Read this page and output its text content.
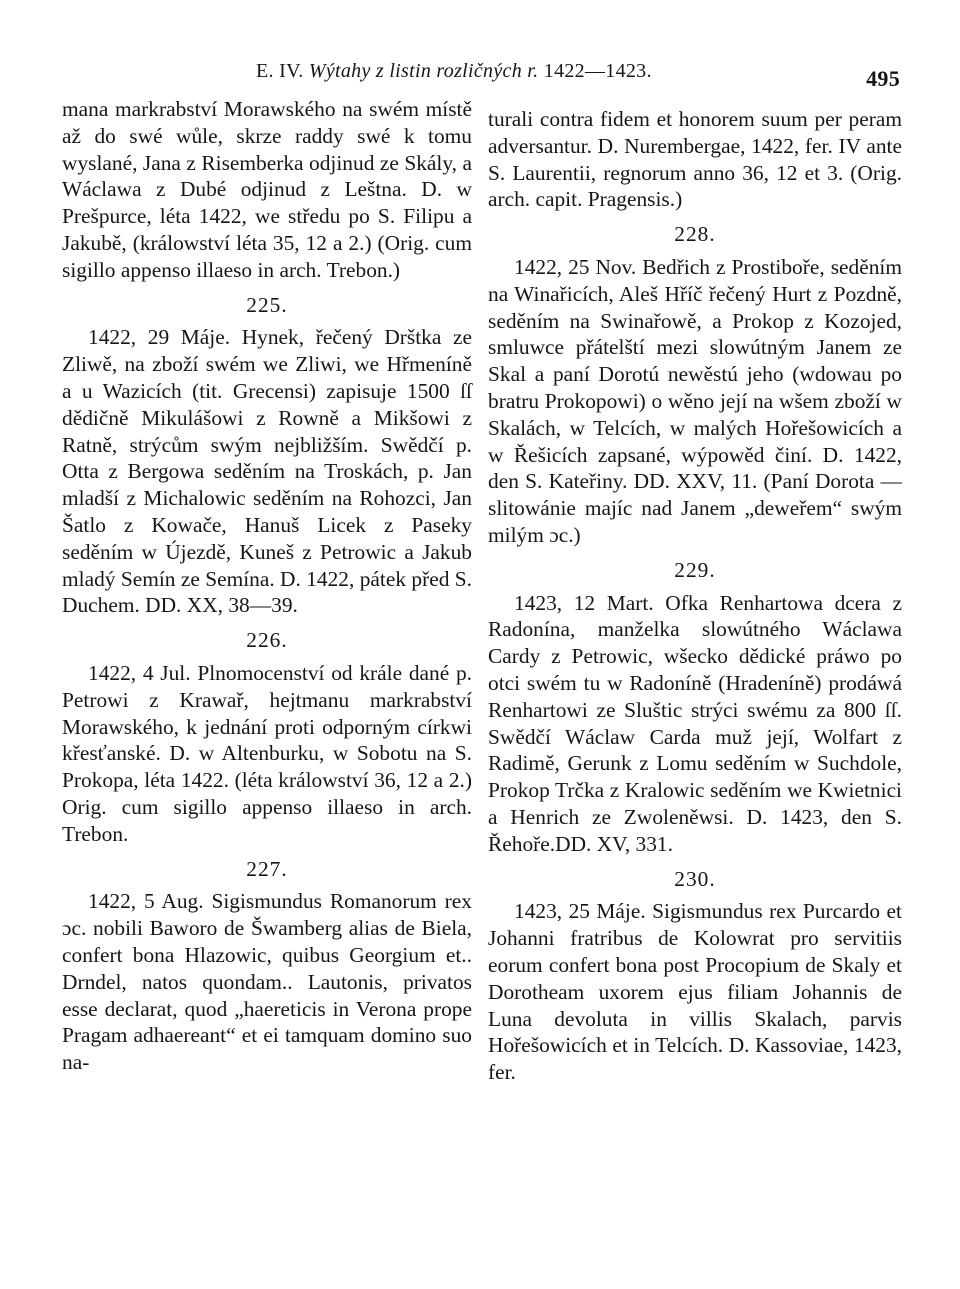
E. IV. Wýtahy z listin rozličných r. 1422—1423.	495

mana markrabství Morawského na swém místě až do swé wůle, skrze raddy swé k tomu wyslané, Jana z Risemberka odjinud ze Skály, a Wáclawa z Dubé odjinud z Leštna. D. w Prešpurce, léta 1422, we středu po S. Filipu a Jakubě, (králowství léta 35, 12 a 2.) (Orig. cum sigillo appenso illaeso in arch. Trebon.)

225.

1422, 29 Máje. Hynek, řečený Drštka ze Zliwě, na zboží swém we Zliwi, we Hřmeníně a u Wazicích (tit. Grecensi) zapisuje 1500 ſſ dědičně Mikulášowi z Rowně a Mikšowi z Ratně, strýcům swým nejbližším. Swědčí p. Otta z Bergowa seděním na Troskách, p. Jan mladší z Michalowic seděním na Rohozci, Jan Šatlo z Kowače, Hanuš Licek z Paseky seděním w Újezdě, Kuneš z Petrowic a Jakub mladý Semín ze Semína. D. 1422, pátek před S. Duchem. DD. XX, 38—39.

226.

1422, 4 Jul. Plnomocenství od krále dané p. Petrowi z Krawař, hejtmanu markrabství Morawského, k jednání proti odporným církwi křesťanské. D. w Altenburku, w Sobotu na S. Prokopa, léta 1422. (léta králowství 36, 12 a 2.) Orig. cum sigillo appenso illaeso in arch. Trebon.

227.

1422, 5 Aug. Sigismundus Romanorum rex ɔc. nobili Baworo de Šwamberg alias de Biela, confert bona Hlazowic, quibus Georgium et.. Drndel, natos quondam.. Lautonis, privatos esse declarat, quod „haereticis in Verona prope Pragam adhaereant“ et ei tamquam domino suo na-

turali contra fidem et honorem suum per peram adversantur. D. Nurembergae, 1422, fer. IV ante S. Laurentii, regnorum anno 36, 12 et 3. (Orig. arch. capit. Pragensis.)

228.

1422, 25 Nov. Bedřich z Prostiboře, seděním na Winařicích, Aleš Hříč řečený Hurt z Pozdně, seděním na Swinařowě, a Prokop z Kozojed, smluwce přátelští mezi slowútným Janem ze Skal a paní Dorotú newěstú jeho (wdowau po bratru Prokopowi) o wěno její na wšem zboží w Skalách, w Telcích, w malých Hořešowicích a w Řešicích zapsané, wýpowěd činí. D. 1422, den S. Kateřiny. DD. XXV, 11. (Paní Dorota — slitowánie majíc nad Janem „deweřem“ swým milým ɔc.)

229.

1423, 12 Mart. Ofka Renhartowa dcera z Radonína, manželka slowútného Wáclawa Cardy z Petrowic, wšecko dědické práwo po otci swém tu w Radoníně (Hradeníně) prodáwá Renhartowi ze Sluštic strýci swému za 800 ſſ. Swědčí Wáclaw Carda muž její, Wolfart z Radimě, Gerunk z Lomu seděním w Suchdole, Prokop Trčka z Kralowic seděním we Kwietnici a Henrich ze Zwoleněwsi. D. 1423, den S. Řehoře.DD. XV, 331.

230.

1423, 25 Máje. Sigismundus rex Purcardo et Johanni fratribus de Kolowrat pro servitiis eorum confert bona post Procopium de Skaly et Dorotheam uxorem ejus filiam Johannis de Luna devoluta in villis Skalach, parvis Hořešowicích et in Telcích. D. Kassoviae, 1423, fer.
